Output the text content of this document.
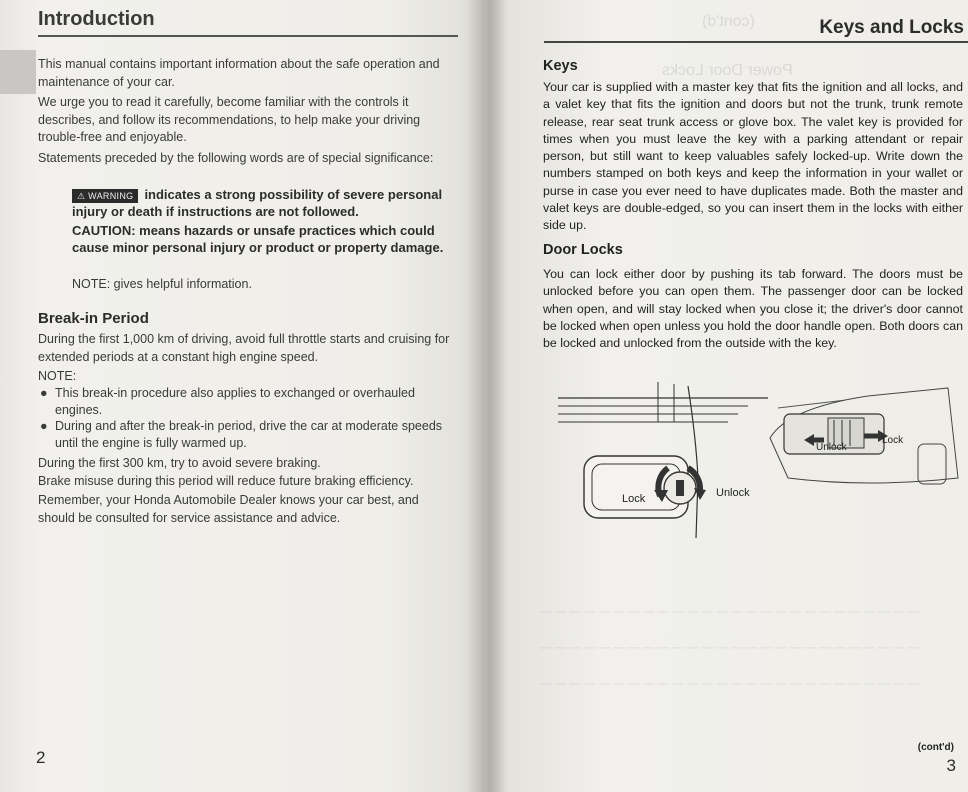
Introduction
This manual contains important information about the safe operation and maintenance of your car.
We urge you to read it carefully, become familiar with the controls it describes, and follow its recommendations, to help make your driving trouble-free and enjoyable.
Statements preceded by the following words are of special significance:
⚠ WARNING indicates a strong possibility of severe personal injury or death if instructions are not followed.
CAUTION: means hazards or unsafe practices which could cause minor personal injury or product or property damage.
NOTE: gives helpful information.
Break-in Period
During the first 1,000 km of driving, avoid full throttle starts and cruising for extended periods at a constant high engine speed.
NOTE:
● This break-in procedure also applies to exchanged or overhauled engines.
● During and after the break-in period, drive the car at moderate speeds until the engine is fully warmed up.
During the first 300 km, try to avoid severe braking.
Brake misuse during this period will reduce future braking efficiency.
Remember, your Honda Automobile Dealer knows your car best, and should be consulted for service assistance and advice.
2
Power Door Locks
(cont'd)	Keys and Locks
Keys
Your car is supplied with a master key that fits the ignition and all locks, and a valet key that fits the ignition and doors but not the trunk, trunk remote release, rear seat trunk access or glove box. The valet key is provided for times when you must leave the key with a parking attendant or repair person, but still want to keep valuables safely locked-up. Write down the numbers stamped on both keys and keep the information in your wallet or purse in case you ever need to have duplicates made. Both the master and valet keys are double-edged, so you can insert them in the locks with either side up.
Door Locks
You can lock either door by pushing its tab forward. The doors must be unlocked before you can open them. The passenger door can be locked when open, and will stay locked when you close it; the driver's door cannot be locked when open unless you hold the door handle open. Both doors can be locked and unlocked from the outside with the key.
Lock	Unlock
Lock
Unlock
— — — — — — — — — — — — — — — — — — — — — — — — — —
— — — — — — — — — — — — — — — — — — — — — — — — — —
— — — — — — — — — — — — — — — — — — — — — — — — — —
(cont'd)
3
